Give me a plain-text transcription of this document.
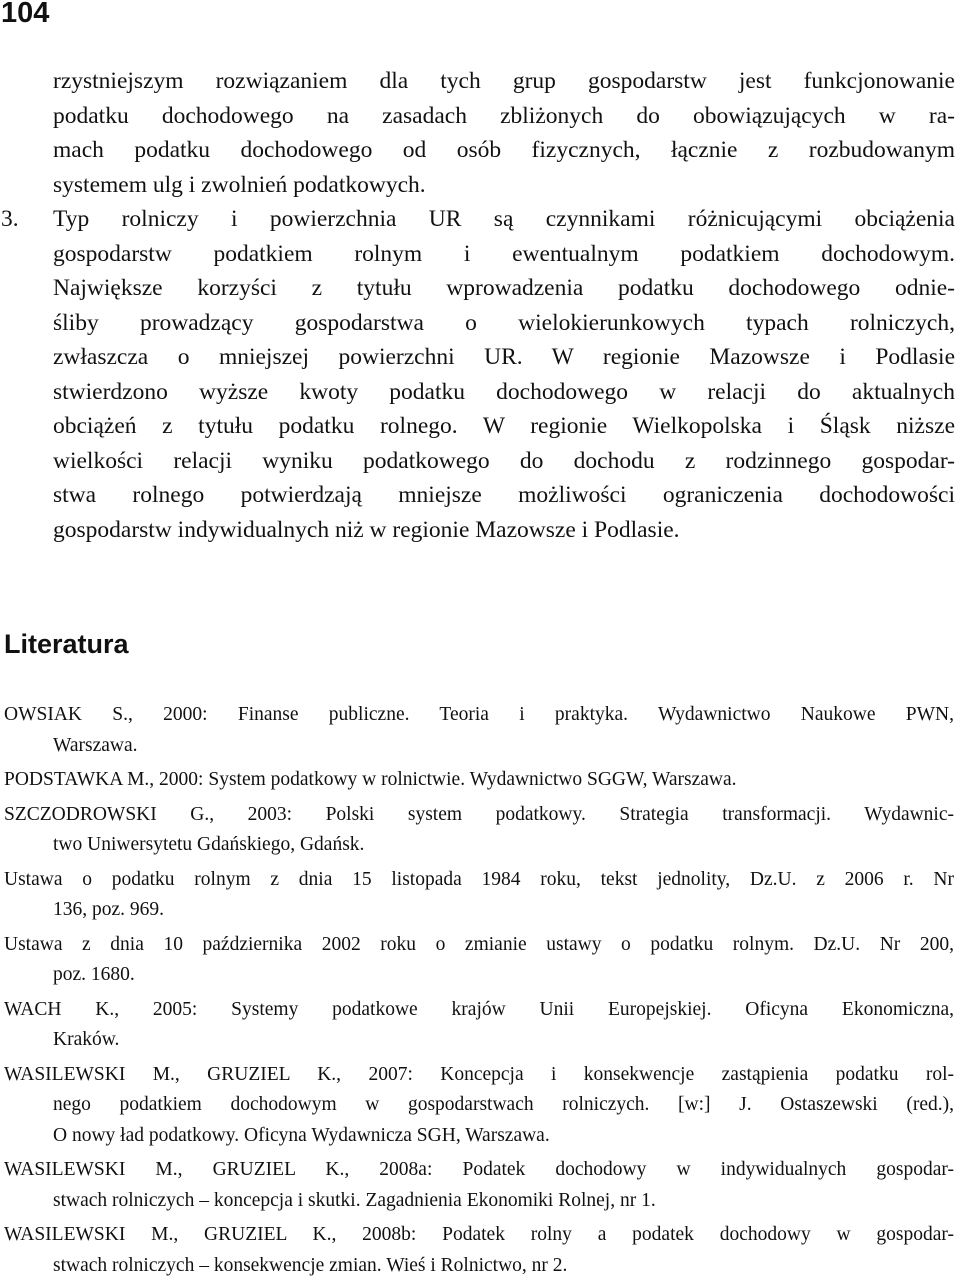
104
rzystniejszym rozwiązaniem dla tych grup gospodarstw jest funkcjonowanie
podatku dochodowego na zasadach zbliżonych do obowiązujących w ra-
mach podatku dochodowego od osób fizycznych, łącznie z rozbudowanym
systemem ulg i zwolnień podatkowych.
3. Typ rolniczy i powierzchnia UR są czynnikami różnicującymi obciążenia
gospodarstw podatkiem rolnym i ewentualnym podatkiem dochodowym.
Największe korzyści z tytułu wprowadzenia podatku dochodowego odnie-
śliby prowadzący gospodarstwa o wielokierunkowych typach rolniczych,
zwłaszcza o mniejszej powierzchni UR. W regionie Mazowsze i Podlasie
stwierdzono wyższe kwoty podatku dochodowego w relacji do aktualnych
obciążeń z tytułu podatku rolnego. W regionie Wielkopolska i Śląsk niższe
wielkości relacji wyniku podatkowego do dochodu z rodzinnego gospodar-
stwa rolnego potwierdzają mniejsze możliwości ograniczenia dochodowości
gospodarstw indywidualnych niż w regionie Mazowsze i Podlasie.
Literatura
OWSIAK S., 2000: Finanse publiczne. Teoria i praktyka. Wydawnictwo Naukowe PWN,
Warszawa.
PODSTAWKA M., 2000: System podatkowy w rolnictwie. Wydawnictwo SGGW, Warszawa.
SZCZODROWSKI G., 2003: Polski system podatkowy. Strategia transformacji. Wydawnic-
two Uniwersytetu Gdańskiego, Gdańsk.
Ustawa o podatku rolnym z dnia 15 listopada 1984 roku, tekst jednolity, Dz.U. z 2006 r. Nr
136, poz. 969.
Ustawa z dnia 10 października 2002 roku o zmianie ustawy o podatku rolnym. Dz.U. Nr 200,
poz. 1680.
WACH K., 2005: Systemy podatkowe krajów Unii Europejskiej. Oficyna Ekonomiczna,
Kraków.
WASILEWSKI M., GRUZIEL K., 2007: Koncepcja i konsekwencje zastąpienia podatku rol-
nego podatkiem dochodowym w gospodarstwach rolniczych. [w:] J. Ostaszewski (red.),
O nowy ład podatkowy. Oficyna Wydawnicza SGH, Warszawa.
WASILEWSKI M., GRUZIEL K., 2008a: Podatek dochodowy w indywidualnych gospodar-
stwach rolniczych – koncepcja i skutki. Zagadnienia Ekonomiki Rolnej, nr 1.
WASILEWSKI M., GRUZIEL K., 2008b: Podatek rolny a podatek dochodowy w gospodar-
stwach rolniczych – konsekwencje zmian. Wieś i Rolnictwo, nr 2.
